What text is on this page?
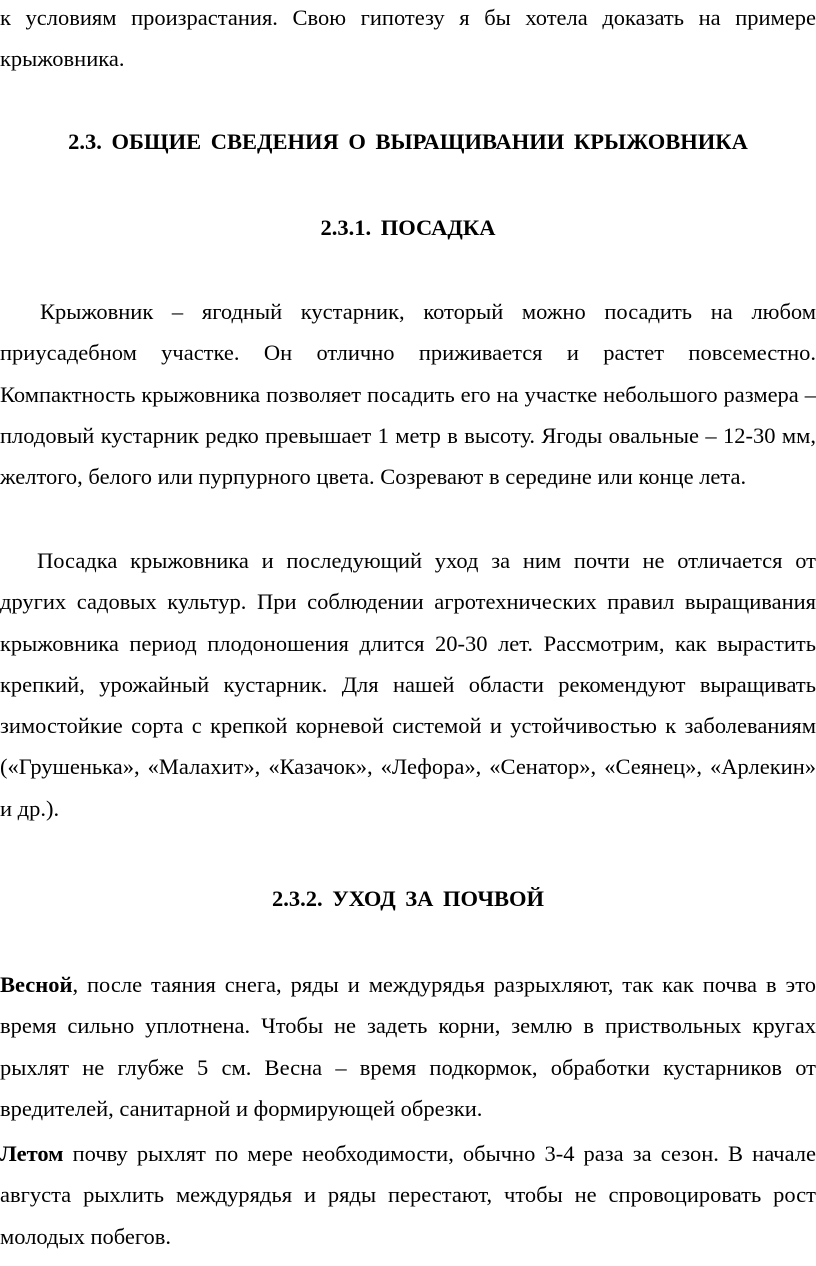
к условиям произрастания. Свою гипотезу я бы хотела доказать на примере крыжовника.

2.3. ОБЩИЕ СВЕДЕНИЯ О ВЫРАЩИВАНИИ КРЫЖОВНИКА
2.3.1. ПОСАДКА

Крыжовник – ягодный кустарник, который можно посадить на любом приусадебном участке. Он отлично приживается и растет повсеместно. Компактность крыжовника позволяет посадить его на участке небольшого размера – плодовый кустарник редко превышает 1 метр в высоту. Ягоды овальные – 12-30 мм, желтого, белого или пурпурного цвета. Созревают в середине или конце лета.

Посадка крыжовника и последующий уход за ним почти не отличается от других садовых культур. При соблюдении агротехнических правил выращивания крыжовника период плодоношения длится 20-30 лет. Рассмотрим, как вырастить крепкий, урожайный кустарник. Для нашей области рекомендуют выращивать зимостойкие сорта с крепкой корневой системой и устойчивостью к заболеваниям («Грушенька», «Малахит», «Казачок», «Лефора», «Сенатор», «Сеянец», «Арлекин» и др.).

2.3.2. УХОД ЗА ПОЧВОЙ

Весной, после таяния снега, ряды и междурядья разрыхляют, так как почва в это время сильно уплотнена. Чтобы не задеть корни, землю в приствольных кругах рыхлят не глубже 5 см. Весна – время подкормок, обработки кустарников от вредителей, санитарной и формирующей обрезки.

Летом почву рыхлят по мере необходимости, обычно 3-4 раза за сезон. В начале августа рыхлить междурядья и ряды перестают, чтобы не спровоцировать рост молодых побегов.
